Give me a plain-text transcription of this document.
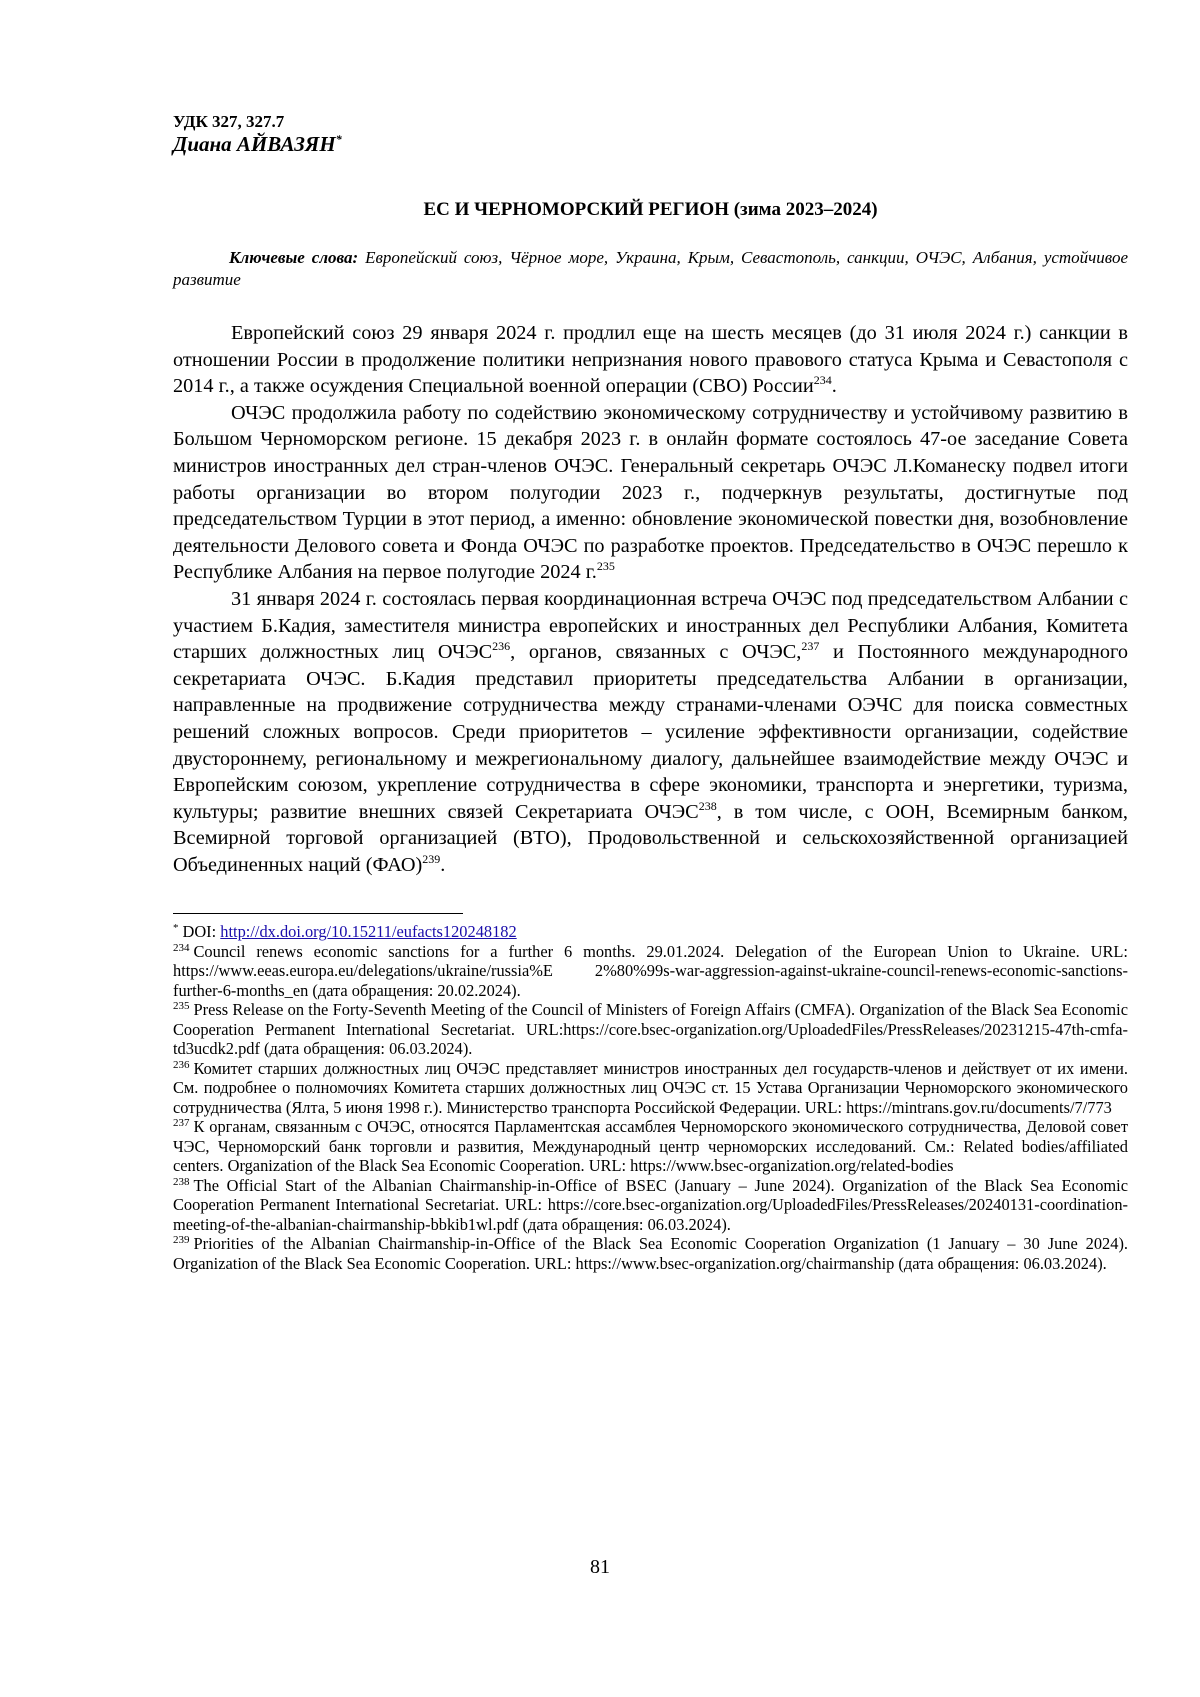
УДК 327, 327.7

Диана АЙВАЗЯН*

ЕС И ЧЕРНОМОРСКИЙ РЕГИОН (зима 2023–2024)

Ключевые слова: Европейский союз, Чёрное море, Украина, Крым, Севастополь, санкции, ОЧЭС, Албания, устойчивое развитие

Европейский союз 29 января 2024 г. продлил еще на шесть месяцев (до 31 июля 2024 г.) санкции в отношении России в продолжение политики непризнания нового правового статуса Крыма и Севастополя с 2014 г., а также осуждения Специальной военной операции (СВО) России$^{234}$.

ОЧЭС продолжила работу по содействию экономическому сотрудничеству и устойчивому развитию в Большом Черноморском регионе. 15 декабря 2023 г. в онлайн формате состоялось 47-ое заседание Совета министров иностранных дел стран-членов ОЧЭС. Генеральный секретарь ОЧЭС Л.Команеску подвел итоги работы организации во втором полугодии 2023 г., подчеркнув результаты, достигнутые под председательством Турции в этот период, а именно: обновление экономической повестки дня, возобновление деятельности Делового совета и Фонда ОЧЭС по разработке проектов. Председательство в ОЧЭС перешло к Республике Албания на первое полугодие 2024 г.$^{235}$

31 января 2024 г. состоялась первая координационная встреча ОЧЭС под председательством Албании с участием Б.Кадия, заместителя министра европейских и иностранных дел Республики Албания, Комитета старших должностных лиц ОЧЭС$^{236}$, органов, связанных с ОЧЭС,$^{237}$ и Постоянного международного секретариата ОЧЭС. Б.Кадия представил приоритеты председательства Албании в организации, направленные на продвижение сотрудничества между странами-членами ОЭЧС для поиска совместных решений сложных вопросов. Среди приоритетов – усиление эффективности организации, содействие двустороннему, региональному и межрегиональному диалогу, дальнейшее взаимодействие между ОЧЭС и Европейским союзом, укрепление сотрудничества в сфере экономики, транспорта и энергетики, туризма, культуры; развитие внешних связей Секретариата ОЧЭС$^{238}$, в том числе, с ООН, Всемирным банком, Всемирной торговой организацией (ВТО), Продовольственной и сельскохозяйственной организацией Объединенных наций (ФАО)$^{239}$.

* DOI: http://dx.doi.org/10.15211/eufacts120248182

$^{234}$ Council renews economic sanctions for a further 6 months. 29.01.2024. Delegation of the European Union to Ukraine. URL: https://www.eeas.europa.eu/delegations/ukraine/russia%E 2%80%99s-war-aggression-against-ukraine-council-renews-economic-sanctions-further-6-months_en (дата обращения: 20.02.2024).

$^{235}$ Press Release on the Forty-Seventh Meeting of the Council of Ministers of Foreign Affairs (CMFA). Organization of the Black Sea Economic Cooperation Permanent International Secretariat. URL:https://core.bsec-organization.org/UploadedFiles/PressReleases/20231215-47th-cmfa-td3ucdk2.pdf (дата обращения: 06.03.2024).

$^{236}$ Комитет старших должностных лиц ОЧЭС представляет министров иностранных дел государств-членов и действует от их имени. См. подробнее о полномочиях Комитета старших должностных лиц ОЧЭС ст. 15 Устава Организации Черноморского экономического сотрудничества (Ялта, 5 июня 1998 г.). Министерство транспорта Российской Федерации. URL: https://mintrans.gov.ru/documents/7/773

$^{237}$ К органам, связанным с ОЧЭС, относятся Парламентская ассамблея Черноморского экономического сотрудничества, Деловой совет ЧЭС, Черноморский банк торговли и развития, Международный центр черноморских исследований. См.: Related bodies/affiliated centers. Organization of the Black Sea Economic Cooperation. URL: https://www.bsec-organization.org/related-bodies

$^{238}$ The Official Start of the Albanian Chairmanship-in-Office of BSEC (January – June 2024). Organization of the Black Sea Economic Cooperation Permanent International Secretariat. URL: https://core.bsec-organization.org/UploadedFiles/PressReleases/20240131-coordination-meeting-of-the-albanian-chairmanship-bbkib1wl.pdf (дата обращения: 06.03.2024).

$^{239}$ Priorities of the Albanian Chairmanship-in-Office of the Black Sea Economic Cooperation Organization (1 January – 30 June 2024). Organization of the Black Sea Economic Cooperation. URL: https://www.bsec-organization.org/chairmanship (дата обращения: 06.03.2024).

81
